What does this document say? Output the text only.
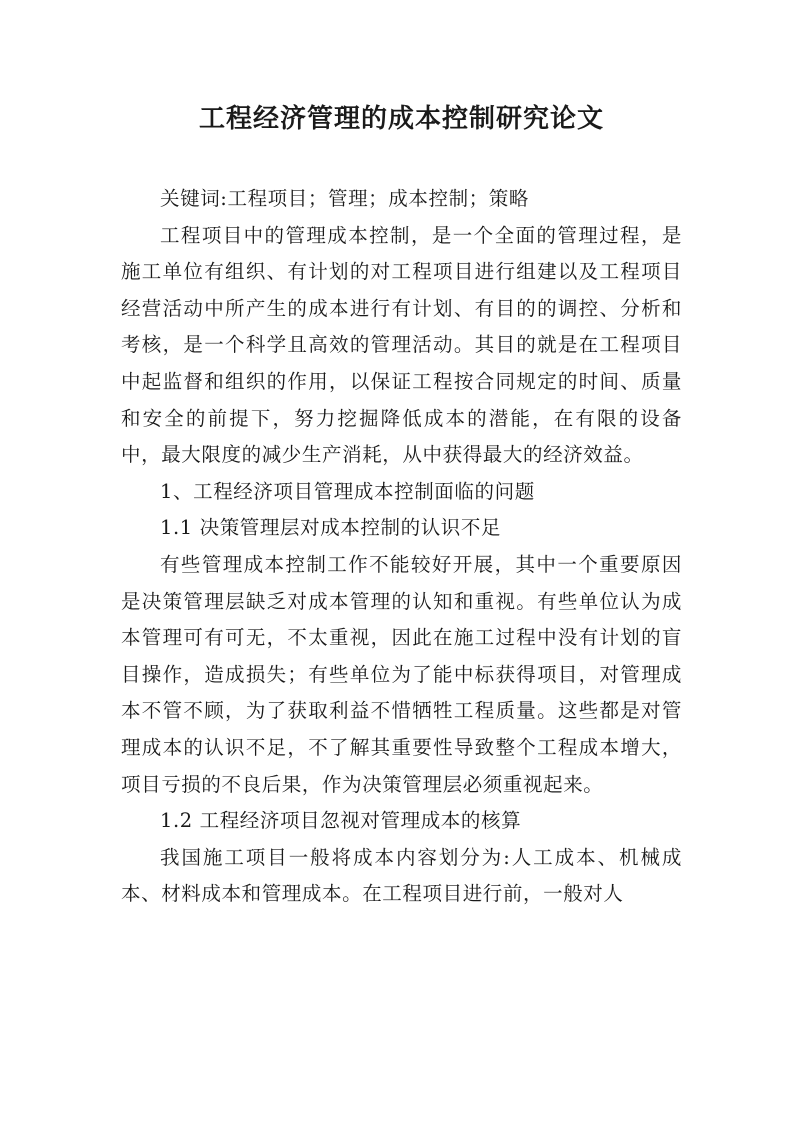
工程经济管理的成本控制研究论文

关键词:工程项目；管理；成本控制；策略

工程项目中的管理成本控制，是一个全面的管理过程，是施工单位有组织、有计划的对工程项目进行组建以及工程项目经营活动中所产生的成本进行有计划、有目的的调控、分析和考核，是一个科学且高效的管理活动。其目的就是在工程项目中起监督和组织的作用，以保证工程按合同规定的时间、质量和安全的前提下，努力挖掘降低成本的潜能，在有限的设备中，最大限度的减少生产消耗，从中获得最大的经济效益。

1、工程经济项目管理成本控制面临的问题

1.1 决策管理层对成本控制的认识不足

有些管理成本控制工作不能较好开展，其中一个重要原因是决策管理层缺乏对成本管理的认知和重视。有些单位认为成本管理可有可无，不太重视，因此在施工过程中没有计划的盲目操作，造成损失；有些单位为了能中标获得项目，对管理成本不管不顾，为了获取利益不惜牺牲工程质量。这些都是对管理成本的认识不足，不了解其重要性导致整个工程成本增大，项目亏损的不良后果，作为决策管理层必须重视起来。

1.2 工程经济项目忽视对管理成本的核算

我国施工项目一般将成本内容划分为:人工成本、机械成本、材料成本和管理成本。在工程项目进行前，一般对人
